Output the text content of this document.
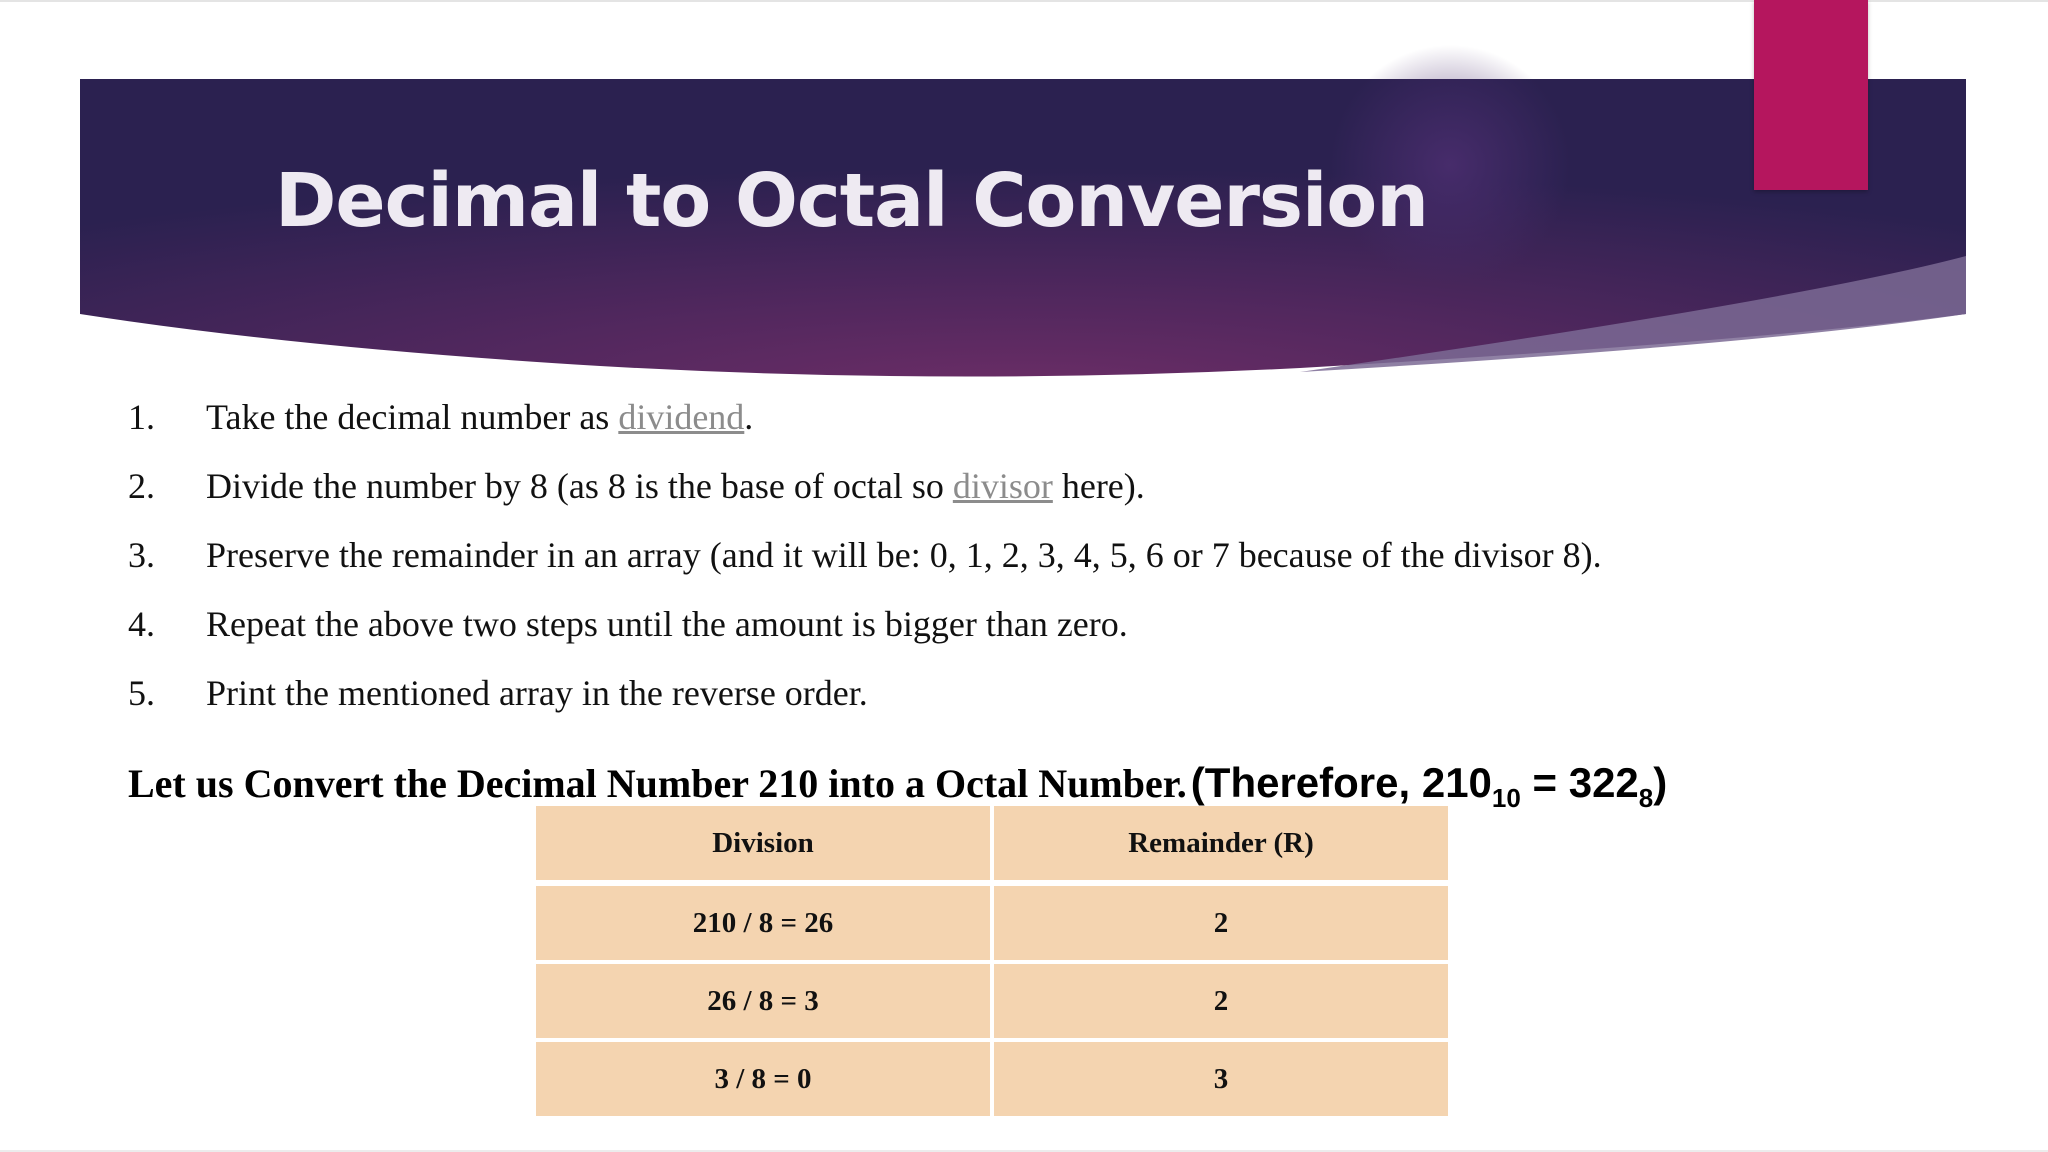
Decimal to Octal Conversion
1.	Take the decimal number as dividend.
2.	Divide the number by 8 (as 8 is the base of octal so divisor here).
3.	Preserve the remainder in an array (and it will be: 0, 1, 2, 3, 4, 5, 6 or 7 because of the divisor 8).
4.	Repeat the above two steps until the amount is bigger than zero.
5.	Print the mentioned array in the reverse order.
Let us Convert the Decimal Number 210 into a Octal Number. (Therefore, $210_{10} = 322_8$)
Division	Remainder (R)
210 / 8 = 26	2
26 / 8 = 3	2
3 / 8 = 0	3
